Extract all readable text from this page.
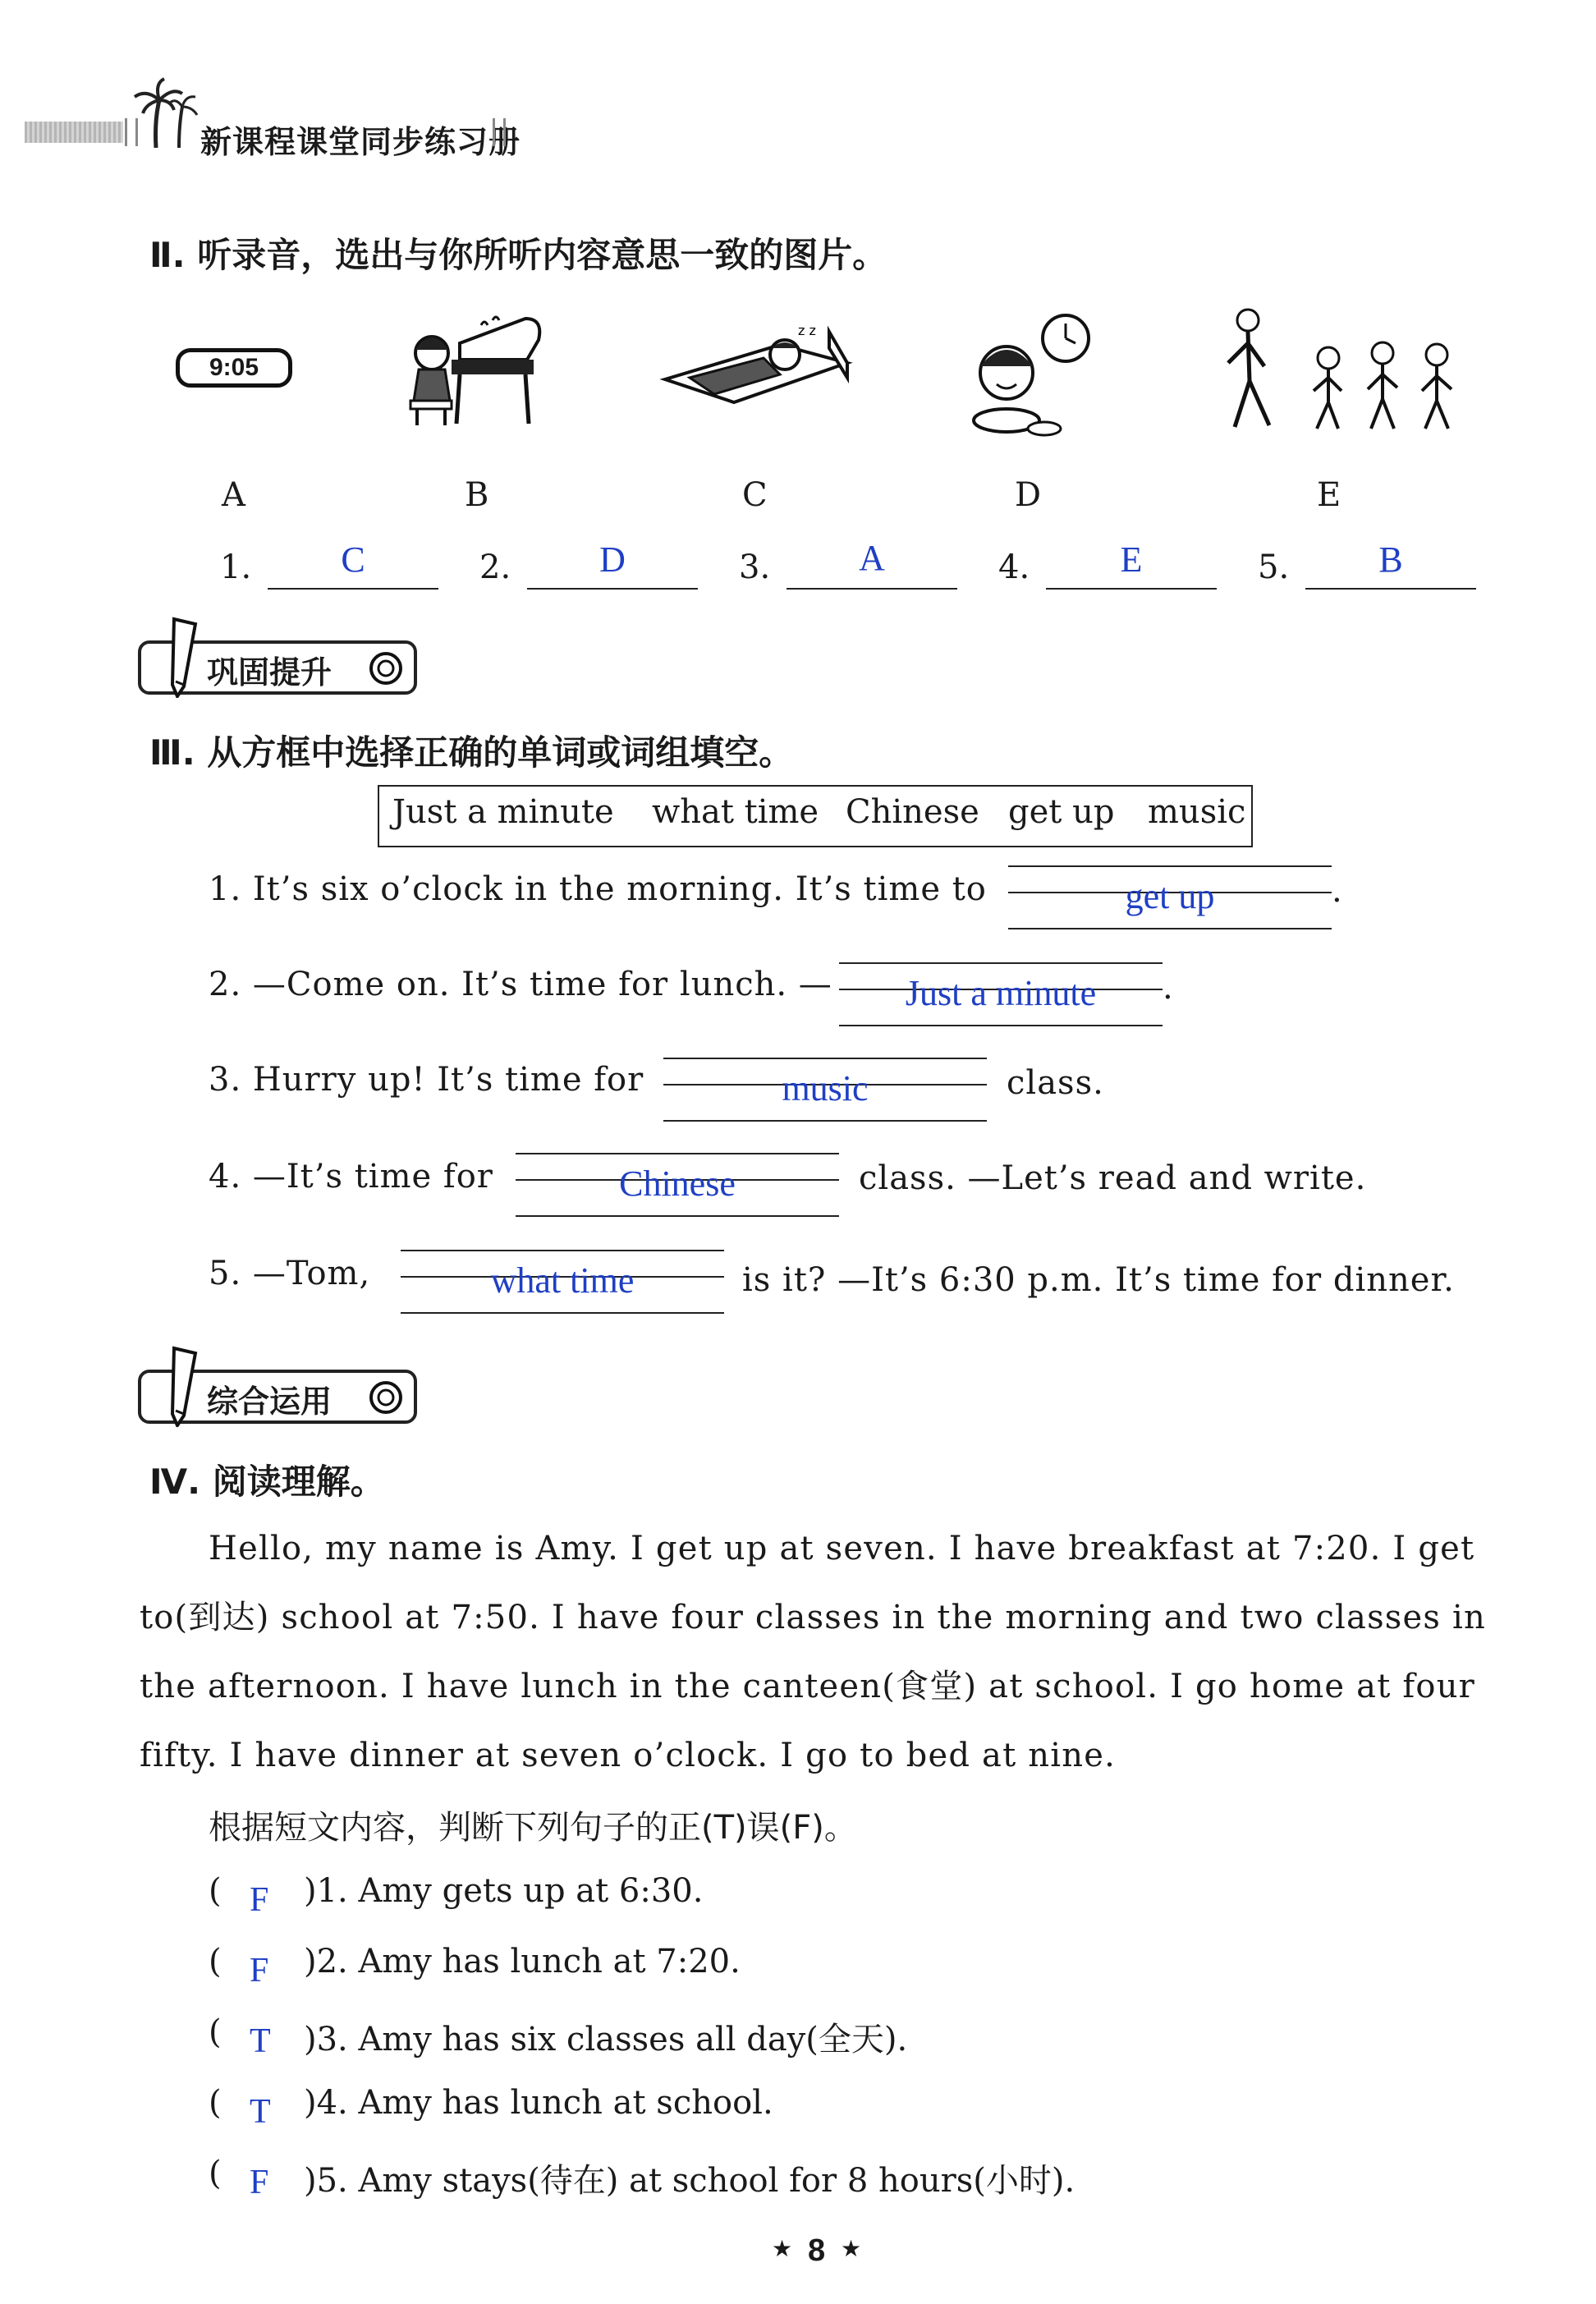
新课程课堂同步练习册
Ⅱ. 听录音，选出与你所听内容意思一致的图片。
9:05
z z
A	B	C	D	E
1.	C	2.	D	3.	A	4.	E	5.	B
巩固提升
Ⅲ. 从方框中选择正确的单词或词组填空。
Just a minute what time Chinese get up music
1. It’s six o’clock in the morning. It’s time to	get up	.
2. —Come on. It’s time for lunch. —	Just a minute	.
3. Hurry up! It’s time for	music	class.
4. —It’s time for	Chinese	class. —Let’s read and write.
5. —Tom,	what time	is it? —It’s 6:30 p.m. It’s time for dinner.
综合运用
Ⅳ. 阅读理解。
Hello, my name is Amy. I get up at seven. I have breakfast at 7:20. I get
to(到达) school at 7:50. I have four classes in the morning and two classes in
the afternoon. I have lunch in the canteen(食堂) at school. I go home at four
fifty. I have dinner at seven o’clock. I go to bed at nine.
根据短文内容，判断下列句子的正(T)误(F)。
( F )1. Amy gets up at 6:30.
( F )2. Amy has lunch at 7:20.
( T )3. Amy has six classes all day(全天).
( T )4. Amy has lunch at school.
( F )5. Amy stays(待在) at school for 8 hours(小时).
★ 8 ★
